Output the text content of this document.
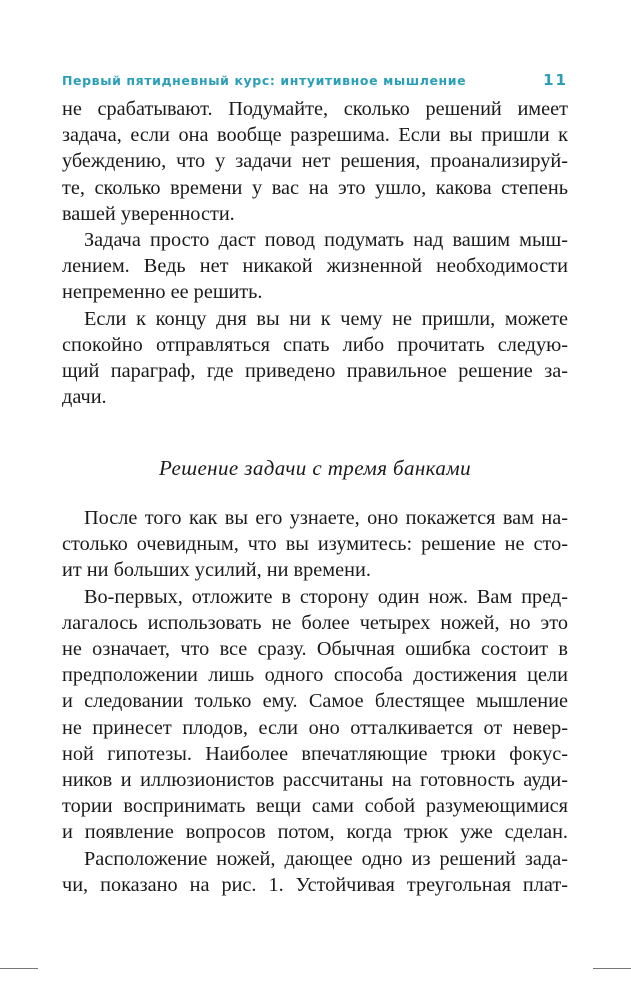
Первый пятидневный курс: интуитивное мышление	11
не срабатывают. Подумайте, сколько решений имеет
задача, если она вообще разрешима. Если вы пришли к
убеждению, что у задачи нет решения, проанализируй-
те, сколько времени у вас на это ушло, какова степень
вашей уверенности.
Задача просто даст повод подумать над вашим мыш-
лением. Ведь нет никакой жизненной необходимости
непременно ее решить.
Если к концу дня вы ни к чему не пришли, можете
спокойно отправляться спать либо прочитать следую-
щий параграф, где приведено правильное решение за-
дачи.
Решение задачи с тремя банками
После того как вы его узнаете, оно покажется вам на-
столько очевидным, что вы изумитесь: решение не сто-
ит ни больших усилий, ни времени.
Во-первых, отложите в сторону один нож. Вам пред-
лагалось использовать не более четырех ножей, но это
не означает, что все сразу. Обычная ошибка состоит в
предположении лишь одного способа достижения цели
и следовании только ему. Самое блестящее мышление
не принесет плодов, если оно отталкивается от невер-
ной гипотезы. Наиболее впечатляющие трюки фокус-
ников и иллюзионистов рассчитаны на готовность ауди-
тории воспринимать вещи сами собой разумеющимися
и появление вопросов потом, когда трюк уже сделан.
Расположение ножей, дающее одно из решений зада-
чи, показано на рис. 1. Устойчивая треугольная плат-
